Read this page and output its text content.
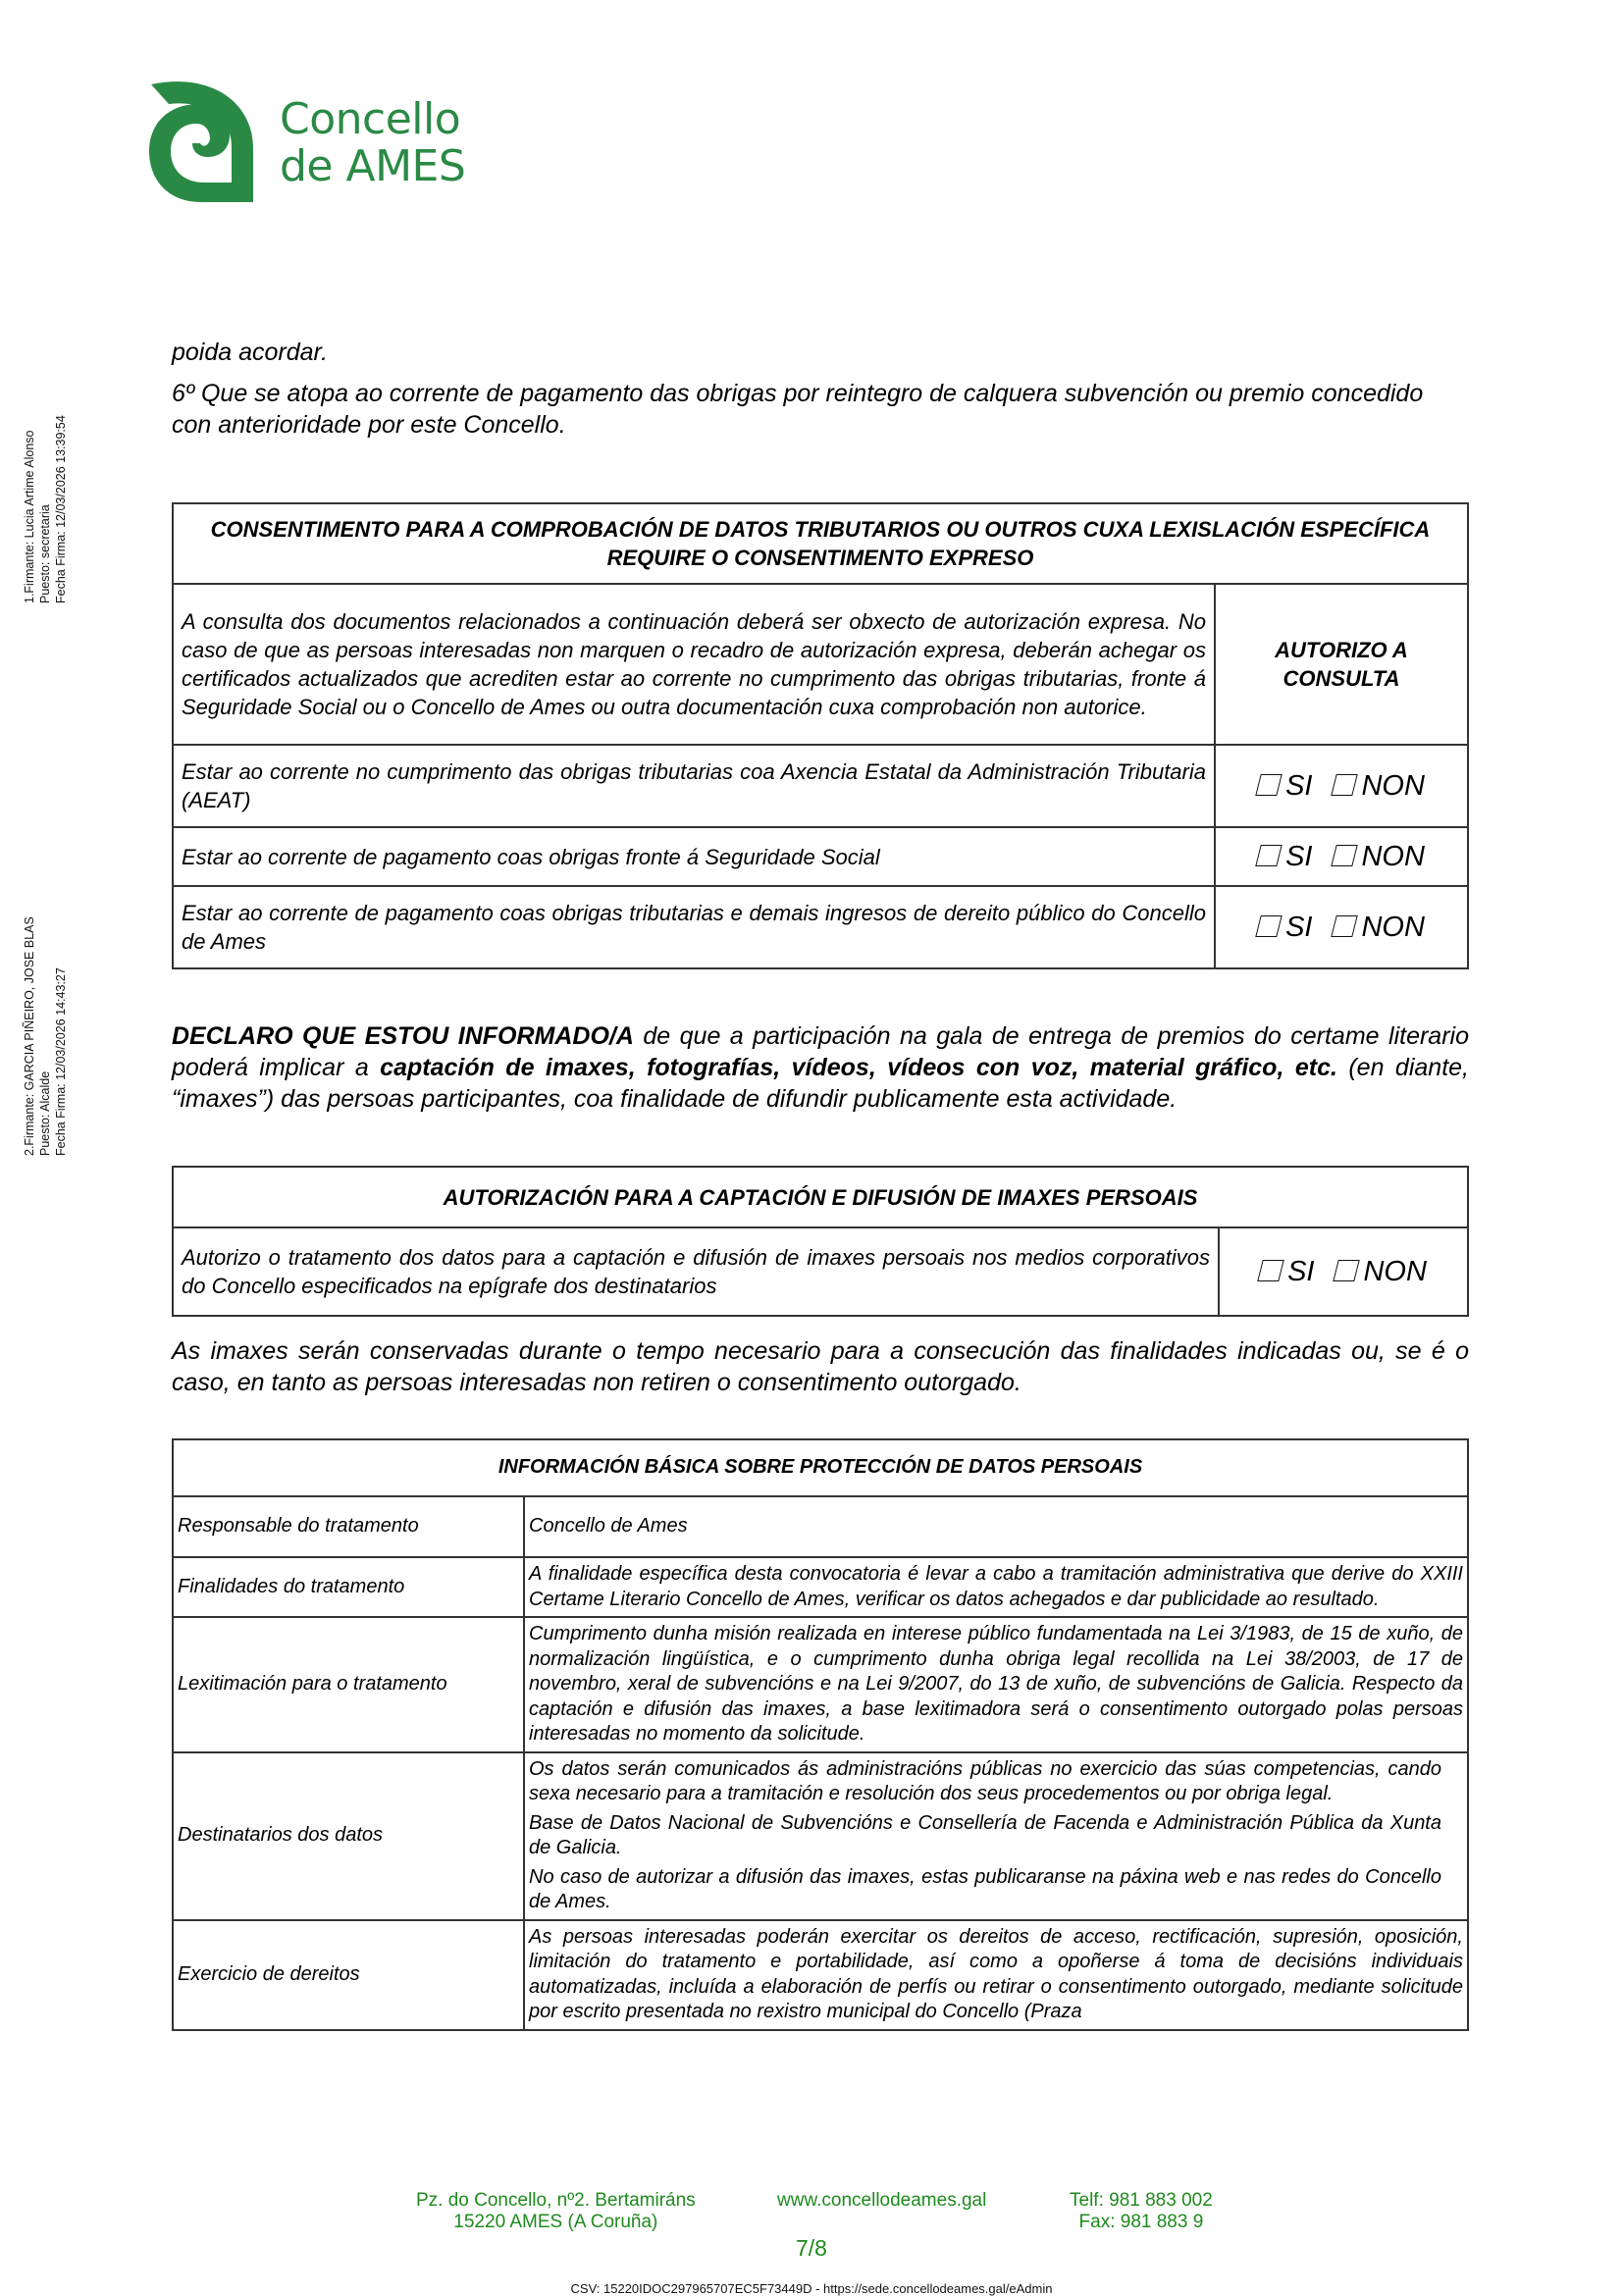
Concello
de AMES
1.Firmante: Lucia Artime Alonso Puesto: secretaria Fecha Firma: 12/03/2026 13:39:54
2.Firmante: GARCIA PIÑEIRO, JOSE BLAS Puesto: Alcalde Fecha Firma: 12/03/2026 14:43:27

poida acordar.

6º Que se atopa ao corrente de pagamento das obrigas por reintegro de calquera subvención ou premio concedido con anterioridade por este Concello.

CONSENTIMENTO PARA A COMPROBACIÓN DE DATOS TRIBUTARIOS OU OUTROS CUXA LEXISLACIÓN ESPECÍFICA REQUIRE O CONSENTIMENTO EXPRESO	
A consulta dos documentos relacionados a continuación deberá ser obxecto de autorización expresa. No caso de que as persoas interesadas non marquen o recadro de autorización expresa, deberán achegar os certificados actualizados que acrediten estar ao corrente no cumprimento das obrigas tributarias, fronte á Seguridade Social ou o Concello de Ames ou outra documentación cuxa comprobación non autorice.	AUTORIZO A CONSULTA
Estar ao corrente no cumprimento das obrigas tributarias coa Axencia Estatal da Administración Tributaria (AEAT)	SI NON
Estar ao corrente de pagamento coas obrigas fronte á Seguridade Social	SI NON
Estar ao corrente de pagamento coas obrigas tributarias e demais ingresos de dereito público do Concello de Ames	SI NON

DECLARO QUE ESTOU INFORMADO/A de que a participación na gala de entrega de premios do certame literario poderá implicar a captación de imaxes, fotografías, vídeos, vídeos con voz, material gráfico, etc. (en diante, “imaxes”) das persoas participantes, coa finalidade de difundir publicamente esta actividade.

AUTORIZACIÓN PARA A CAPTACIÓN E DIFUSIÓN DE IMAXES PERSOAIS
Autorizo o tratamento dos datos para a captación e difusión de imaxes persoais nos medios corporativos do Concello especificados na epígrafe dos destinatarios	SI NON

As imaxes serán conservadas durante o tempo necesario para a consecución das finalidades indicadas ou, se é o caso, en tanto as persoas interesadas non retiren o consentimento outorgado.

INFORMACIÓN BÁSICA SOBRE PROTECCIÓN DE DATOS PERSOAIS	
Responsable do tratamento	Concello de Ames

Finalidades do tratamento	A finalidade específica desta convocatoria é levar a cabo a tramitación administrativa que derive do XXIII Certame Literario Concello de Ames, verificar os datos achegados e dar publicidade ao resultado.

Lexitimación para o tratamento	Cumprimento dunha misión realizada en interese público fundamentada na Lei 3/1983, de 15 de xuño, de normalización lingüística, e o cumprimento dunha obriga legal recollida na Lei 38/2003, de 17 de novembro, xeral de subvencións e na Lei 9/2007, do 13 de xuño, de subvencións de Galicia. Respecto da captación e difusión das imaxes, a base lexitimadora será o consentimento outorgado polas persoas interesadas no momento da solicitude.

Destinatarios dos datos	Os datos serán comunicados ás administracións públicas no exercicio das súas competencias, cando sexa necesario para a tramitación e resolución dos seus procedementos ou por obriga legal.

Base de Datos Nacional de Subvencións e Consellería de Facenda e Administración Pública da Xunta de Galicia.

No caso de autorizar a difusión das imaxes, estas publicaranse na páxina web e nas redes do Concello de Ames.

Exercicio de dereitos	As persoas interesadas poderán exercitar os dereitos de acceso, rectificación, supresión, oposición, limitación do tratamento e portabilidade, así como a opoñerse á toma de decisións individuais automatizadas, incluída a elaboración de perfís ou retirar o consentimento outorgado, mediante solicitude por escrito presentada no rexistro municipal do Concello (Praza

Pz. do Concello, nº2. Bertamiráns
15220 AMES (A Coruña)
www.concellodeames.gal	Telf: 981 883 002
Fax: 981 883 9
7/8
CSV: 15220IDOC297965707EC5F73449D - https://sede.concellodeames.gal/eAdmin
